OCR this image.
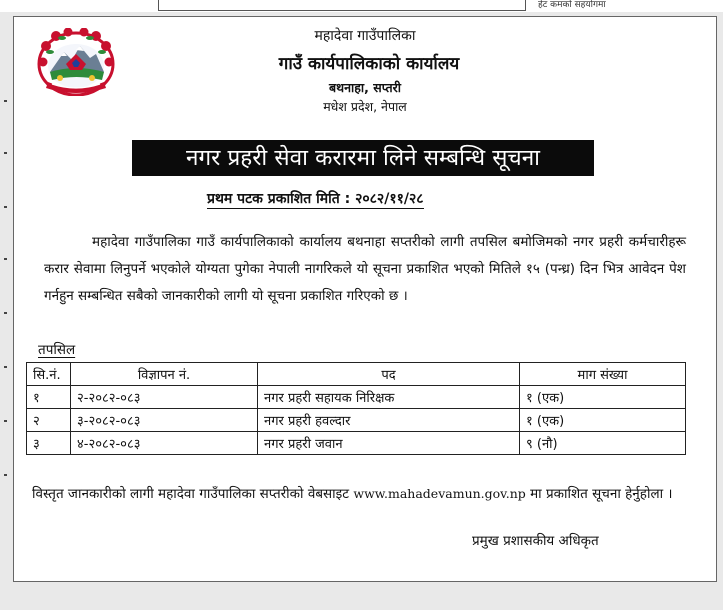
हेट कमको सहयोगमा
महादेवा गाउँपालिका
गाउँ कार्यपालिकाको कार्यालय
बथनाहा, सप्तरी
मधेश प्रदेश, नेपाल
नगर प्रहरी सेवा करारमा लिने सम्बन्धि सूचना
प्रथम पटक प्रकाशित मिति : २०८२/११/२८

महादेवा गाउँपालिका गाउँ कार्यपालिकाको कार्यालय बथनाहा सप्तरीको लागी तपसिल बमोजिमको नगर प्रहरी कर्मचारीहरू करार सेवामा लिनुपर्ने भएकोले योग्यता पुगेका नेपाली नागरिकले यो सूचना प्रकाशित भएको मितिले १५ (पन्ध्र) दिन भित्र आवेदन पेश गर्नहुन सम्बन्धित सबैको जानकारीको लागी यो सूचना प्रकाशित गरिएको छ ।

तपसिल
सि.नं.	विज्ञापन नं.	पद	माग संख्या
१	२-२०८२-०८३	नगर प्रहरी सहायक निरिक्षक	१ (एक)
२	३-२०८२-०८३	नगर प्रहरी हवल्दार	१ (एक)
३	४-२०८२-०८३	नगर प्रहरी जवान	९ (नौ)

विस्तृत जानकारीको लागी महादेवा गाउँपालिका सप्तरीको वेबसाइट www.mahadevamun.gov.np मा प्रकाशित सूचना हेर्नुहोला ।

प्रमुख प्रशासकीय अधिकृत
